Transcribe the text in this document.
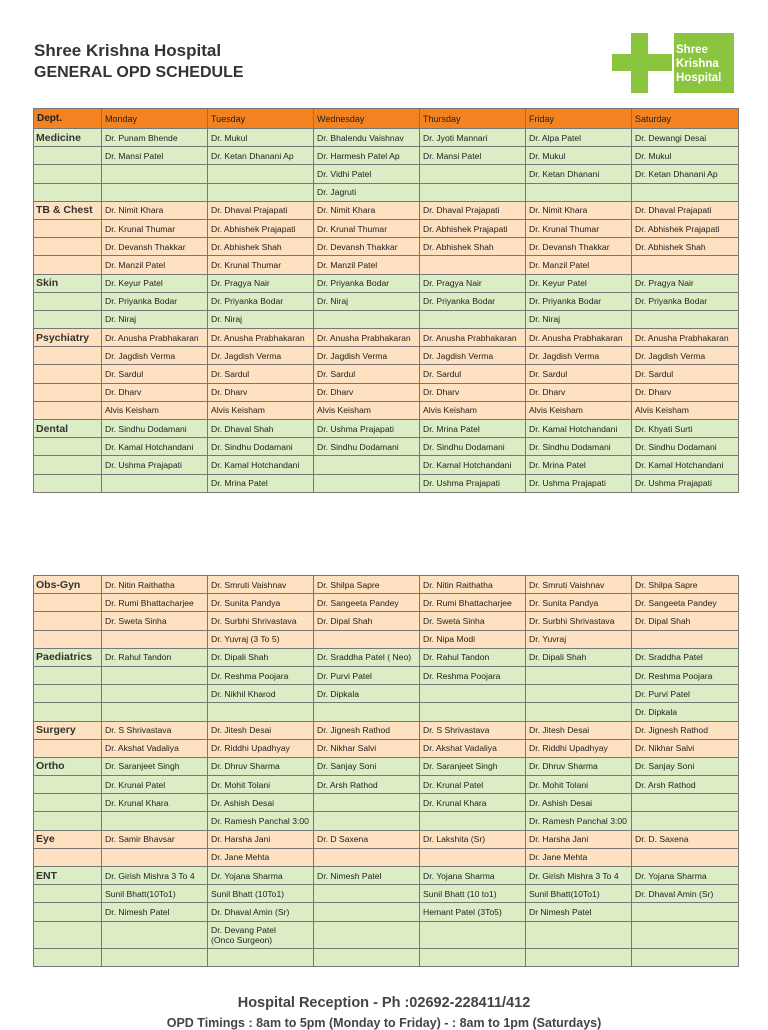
Shree Krishna Hospital
GENERAL OPD SCHEDULE
Shree
Krishna
Hospital
Dept.	Monday	Tuesday	Wednesday	Thursday	Friday	Saturday
Medicine	Dr. Punam Bhende	Dr. Mukul	Dr. Bhalendu Vaishnav	Dr. Jyoti Mannari	Dr. Alpa Patel	Dr. Dewangi Desai
	Dr. Mansi Patel	Dr. Ketan Dhanani Ap	Dr. Harmesh Patel Ap	Dr. Mansi Patel	Dr. Mukul	Dr. Mukul
			Dr. Vidhi Patel		Dr. Ketan Dhanani	Dr. Ketan Dhanani Ap
			Dr. Jagruti			
TB & Chest	Dr. Nimit Khara	Dr. Dhaval Prajapati	Dr. Nimit Khara	Dr. Dhaval Prajapati	Dr. Nimit Khara	Dr. Dhaval Prajapati
	Dr. Krunal Thumar	Dr. Abhishek Prajapati	Dr. Krunal Thumar	Dr. Abhishek Prajapati	Dr. Krunal Thumar	Dr. Abhishek Prajapati
	Dr. Devansh Thakkar	Dr. Abhishek Shah	Dr. Devansh Thakkar	Dr. Abhishek Shah	Dr. Devansh Thakkar	Dr. Abhishek Shah
	Dr. Manzil Patel	Dr. Krunal Thumar	Dr. Manzil Patel		Dr. Manzil Patel	
Skin	Dr. Keyur Patel	Dr. Pragya Nair	Dr. Priyanka Bodar	Dr. Pragya Nair	Dr. Keyur Patel	Dr. Pragya Nair
	Dr. Priyanka Bodar	Dr. Priyanka Bodar	Dr. Niraj	Dr. Priyanka Bodar	Dr. Priyanka Bodar	Dr. Priyanka Bodar
	Dr. Niraj	Dr. Niraj			Dr. Niraj	
Psychiatry	Dr. Anusha Prabhakaran	Dr. Anusha Prabhakaran	Dr. Anusha Prabhakaran	Dr. Anusha Prabhakaran	Dr. Anusha Prabhakaran	Dr. Anusha Prabhakaran
	Dr. Jagdish Verma	Dr. Jagdish Verma	Dr. Jagdish Verma	Dr. Jagdish Verma	Dr. Jagdish Verma	Dr. Jagdish Verma
	Dr. Sardul	Dr. Sardul	Dr. Sardul	Dr. Sardul	Dr. Sardul	Dr. Sardul
	Dr. Dharv	Dr. Dharv	Dr. Dharv	Dr. Dharv	Dr. Dharv	Dr. Dharv
	Alvis Keisham	Alvis Keisham	Alvis Keisham	Alvis Keisham	Alvis Keisham	Alvis Keisham
Dental	Dr. Sindhu Dodamani	Dr. Dhaval Shah	Dr. Ushma Prajapati	Dr. Mrina Patel	Dr. Kamal Hotchandani	Dr. Khyati Surti
	Dr. Kamal Hotchandani	Dr. Sindhu Dodamani	Dr. Sindhu Dodamani	Dr. Sindhu Dodamani	Dr. Sindhu Dodamani	Dr. Sindhu Dodamani
	Dr. Ushma Prajapati	Dr. Kamal Hotchandani		Dr. Kamal Hotchandani	Dr. Mrina Patel	Dr. Kamal Hotchandani
		Dr. Mrina Patel		Dr. Ushma Prajapati	Dr. Ushma Prajapati	Dr. Ushma Prajapati
Obs-Gyn	Dr. Nitin Raithatha	Dr. Smruti Vaishnav	Dr. Shilpa Sapre	Dr. Nitin Raithatha	Dr. Smruti Vaishnav	Dr. Shilpa Sapre
	Dr. Rumi Bhattacharjee	Dr. Sunita Pandya	Dr. Sangeeta Pandey	Dr. Rumi Bhattacharjee	Dr. Sunita Pandya	Dr. Sangeeta Pandey
	Dr. Sweta Sinha	Dr. Surbhi Shrivastava	Dr. Dipal Shah	Dr. Sweta Sinha	Dr. Surbhi Shrivastava	Dr. Dipal Shah
		Dr. Yuvraj (3 To 5)		Dr. Nipa Modi	Dr. Yuvraj	
Paediatrics	Dr. Rahul Tandon	Dr. Dipali Shah	Dr. Sraddha Patel ( Neo)	Dr. Rahul Tandon	Dr. Dipali Shah	Dr. Sraddha Patel
		Dr. Reshma Poojara	Dr. Purvi Patel	Dr. Reshma Poojara		Dr. Reshma Poojara
		Dr. Nikhil Kharod	Dr. Dipkala			Dr. Purvi Patel
						Dr. Dipkala
Surgery	Dr. S Shrivastava	Dr. Jitesh Desai	Dr. Jignesh Rathod	Dr. S Shrivastava	Dr. Jitesh Desai	Dr. Jignesh Rathod
	Dr. Akshat Vadaliya	Dr. Riddhi Upadhyay	Dr. Nikhar Salvi	Dr. Akshat Vadaliya	Dr. Riddhi Upadhyay	Dr. Nikhar Salvi
Ortho	Dr. Saranjeet Singh	Dr. Dhruv Sharma	Dr. Sanjay Soni	Dr. Saranjeet Singh	Dr. Dhruv Sharma	Dr. Sanjay Soni
	Dr. Krunal Patel	Dr. Mohit Tolani	Dr. Arsh Rathod	Dr. Krunal Patel	Dr. Mohit Tolani	Dr. Arsh Rathod
	Dr. Krunal Khara	Dr. Ashish Desai		Dr. Krunal Khara	Dr. Ashish Desai	
		Dr. Ramesh Panchal 3:00			Dr. Ramesh Panchal 3:00	
Eye	Dr. Samir Bhavsar	Dr. Harsha Jani	Dr. D Saxena	Dr. Lakshita (Sr)	Dr. Harsha Jani	Dr. D. Saxena
		Dr. Jane Mehta			Dr. Jane Mehta	
ENT	Dr. Girish Mishra 3 To 4	Dr. Yojana Sharma	Dr. Nimesh Patel	Dr. Yojana Sharma	Dr. Girish Mishra 3 To 4	Dr. Yojana Sharma
	Sunil Bhatt(10To1)	Sunil Bhatt (10To1)		Sunil Bhatt (10 to1)	Sunil Bhatt(10To1)	Dr. Dhaval Amin (Sr)
	Dr. Nimesh Patel	Dr. Dhaval Amin (Sr)		Hemant Patel (3To5)	Dr Nimesh Patel	
		Dr. Devang Patel
(Onco Surgeon)				

Hospital Reception - Ph :02692-228411/412
OPD Timings : 8am to 5pm (Monday to Friday) - : 8am to 1pm (Saturdays)
